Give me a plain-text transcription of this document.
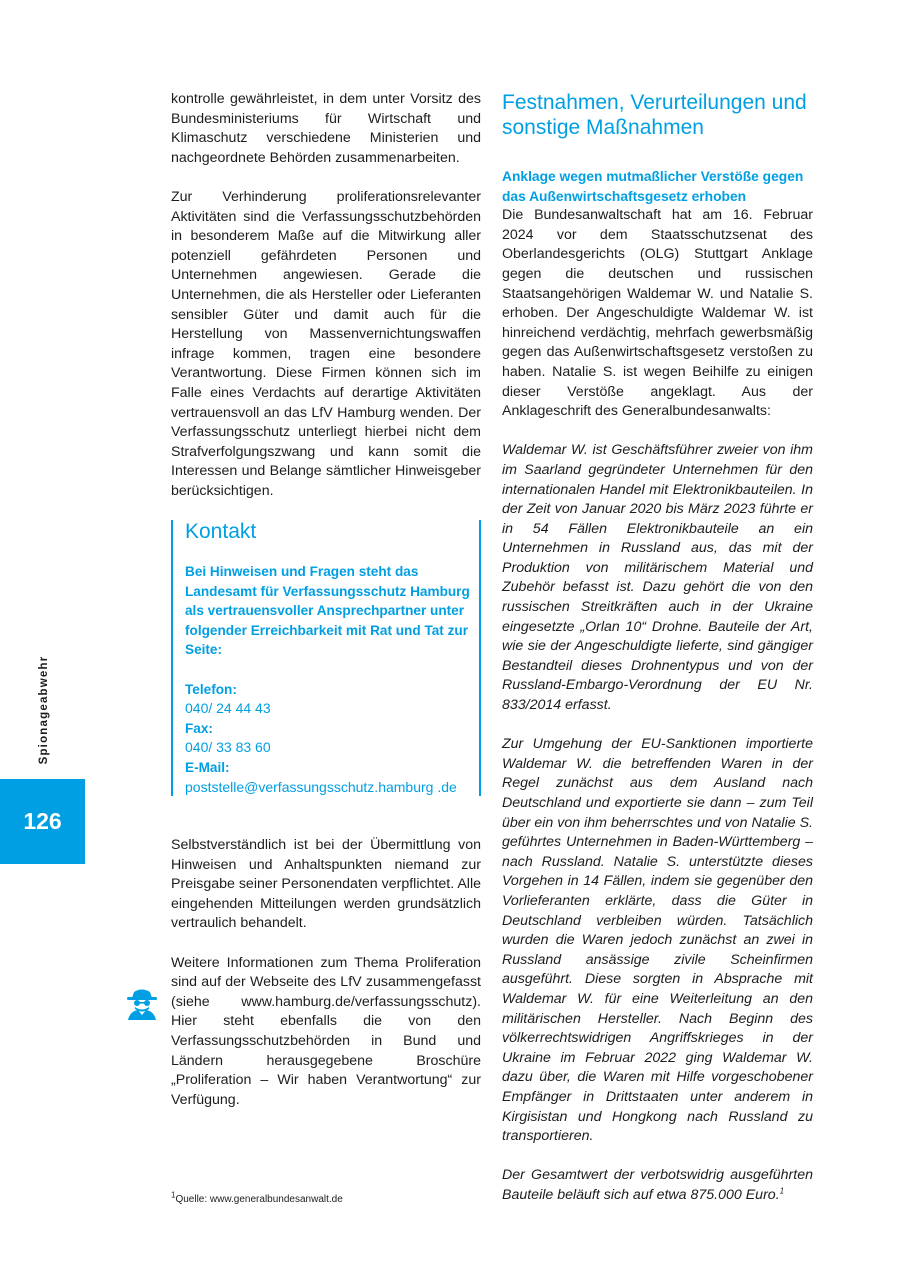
Spionageabwehr
126

kontrolle gewährleistet, in dem unter Vorsitz des Bundesministeriums für Wirtschaft und Klimaschutz verschiedene Ministerien und nachgeordnete Behörden zusammenarbeiten.

Zur Verhinderung proliferationsrelevanter Aktivitäten sind die Verfassungsschutzbehörden in besonderem Maße auf die Mitwirkung aller potenziell gefährdeten Personen und Unternehmen angewiesen. Gerade die Unternehmen, die als Hersteller oder Lieferanten sensibler Güter und damit auch für die Herstellung von Massenvernichtungswaffen infrage kommen, tragen eine besondere Verantwortung. Diese Firmen können sich im Falle eines Verdachts auf derartige Aktivitäten vertrauensvoll an das LfV Hamburg wenden. Der Verfassungsschutz unterliegt hierbei nicht dem Strafverfolgungszwang und kann somit die Interessen und Belange sämtlicher Hinweisgeber berücksichtigen.

Kontakt

Bei Hinweisen und Fragen steht das Landesamt für Verfassungsschutz Hamburg als vertrauensvoller Ansprechpartner unter folgender Erreichbarkeit mit Rat und Tat zur Seite:

Telefon:

040/ 24 44 43

Fax:

040/ 33 83 60

E-Mail:

poststelle@verfassungsschutz.hamburg .de

Selbstverständlich ist bei der Übermittlung von Hinweisen und Anhaltspunkten niemand zur Preisgabe seiner Personendaten verpflichtet. Alle eingehenden Mitteilungen werden grundsätzlich vertraulich behandelt.

Weitere Informationen zum Thema Proliferation sind auf der Webseite des LfV zusammengefasst (siehe www.hamburg.de/verfassungsschutz). Hier steht ebenfalls die von den Verfassungsschutzbehörden in Bund und Ländern herausgegebene Broschüre „Proliferation – Wir haben Verantwortung“ zur Verfügung.

Festnahmen, Verurteilungen und sonstige Maßnahmen

Anklage wegen mutmaßlicher Verstöße gegen das Außenwirtschaftsgesetz erhoben

Die Bundesanwaltschaft hat am 16. Februar 2024 vor dem Staatsschutzsenat des Oberlandesgerichts (OLG) Stuttgart Anklage gegen die deutschen und russischen Staatsangehörigen Waldemar W. und Natalie S. erhoben. Der Angeschuldigte Waldemar W. ist hinreichend verdächtig, mehrfach gewerbsmäßig gegen das Außenwirtschaftsgesetz verstoßen zu haben. Natalie S. ist wegen Beihilfe zu einigen dieser Verstöße angeklagt. Aus der Anklageschrift des Generalbundesanwalts:

Waldemar W. ist Geschäftsführer zweier von ihm im Saarland gegründeter Unternehmen für den internationalen Handel mit Elektronikbauteilen. In der Zeit von Januar 2020 bis März 2023 führte er in 54 Fällen Elektronikbauteile an ein Unternehmen in Russland aus, das mit der Produktion von militärischem Material und Zubehör befasst ist. Dazu gehört die von den russischen Streitkräften auch in der Ukraine eingesetzte „Orlan 10“ Drohne. Bauteile der Art, wie sie der Angeschuldigte lieferte, sind gängiger Bestandteil dieses Drohnentypus und von der Russland-Embargo-Verordnung der EU Nr. 833/2014 erfasst.

Zur Umgehung der EU-Sanktionen importierte Waldemar W. die betreffenden Waren in der Regel zunächst aus dem Ausland nach Deutschland und exportierte sie dann – zum Teil über ein von ihm beherrschtes und von Natalie S. geführtes Unternehmen in Baden-Württemberg – nach Russland. Natalie S. unterstützte dieses Vorgehen in 14 Fällen, indem sie gegenüber den Vorlieferanten erklärte, dass die Güter in Deutschland verbleiben würden. Tatsächlich wurden die Waren jedoch zunächst an zwei in Russland ansässige zivile Scheinfirmen ausgeführt. Diese sorgten in Absprache mit Waldemar W. für eine Weiterleitung an den militärischen Hersteller. Nach Beginn des völkerrechtswidrigen Angriffskrieges in der Ukraine im Februar 2022 ging Waldemar W. dazu über, die Waren mit Hilfe vorgeschobener Empfänger in Drittstaaten unter anderem in Kirgisistan und Hongkong nach Russland zu transportieren.

Der Gesamtwert der verbotswidrig ausgeführten Bauteile beläuft sich auf etwa 875.000 Euro.$^1$

$^1$Quelle: www.generalbundesanwalt.de
